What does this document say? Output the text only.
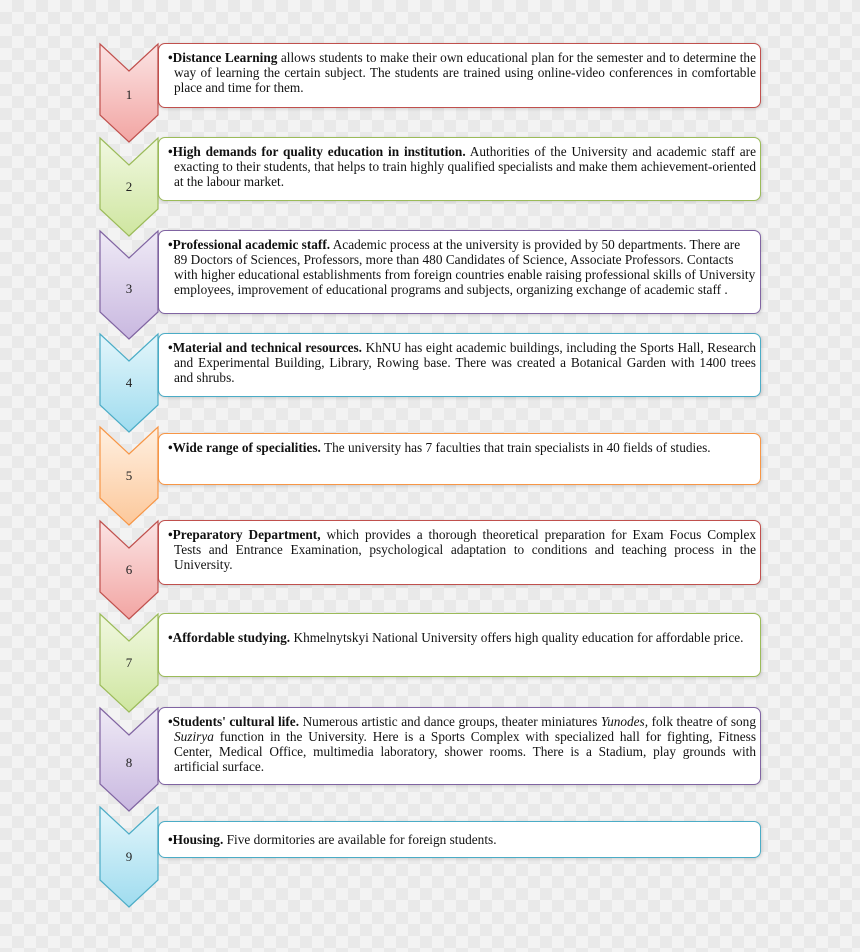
1

•Distance Learning allows students to make their own educational plan for the semester and to determine the way of learning the certain subject. The students are trained using online-video conferences in comfortable place and time for them.

2

•High demands for quality education in institution. Authorities of the University and academic staff are exacting to their students, that helps to train highly qualified specialists and make them achievement-oriented at the labour market.

3

•Professional academic staff. Academic process at the university is provided by 50 departments. There are 89 Doctors of Sciences, Professors, more than 480 Candidates of Science, Associate Professors. Contacts with higher educational establishments from foreign countries enable raising professional skills of University employees, improvement of educational programs and subjects, organizing exchange of academic staff .

4

•Material and technical resources. KhNU has eight academic buildings, including the Sports Hall, Research and Experimental Building, Library, Rowing base. There was created a Botanical Garden with 1400 trees and shrubs.

5

•Wide range of specialities. The university has 7 faculties that train specialists in 40 fields of studies.

6

•Preparatory Department, which provides a thorough theoretical preparation for Exam Focus Complex Tests and Entrance Examination, psychological adaptation to conditions and teaching process in the University.

7

•Affordable studying. Khmelnytskyi National University offers high quality education for affordable price.

8

•Students' cultural life. Numerous artistic and dance groups, theater miniatures Yunodes, folk theatre of song Suzirya function in the University. Here is a Sports Complex with specialized hall for fighting, Fitness Center, Medical Office, multimedia laboratory, shower rooms. There is a Stadium, play grounds with artificial surface.

9

•Housing. Five dormitories are available for foreign students.
